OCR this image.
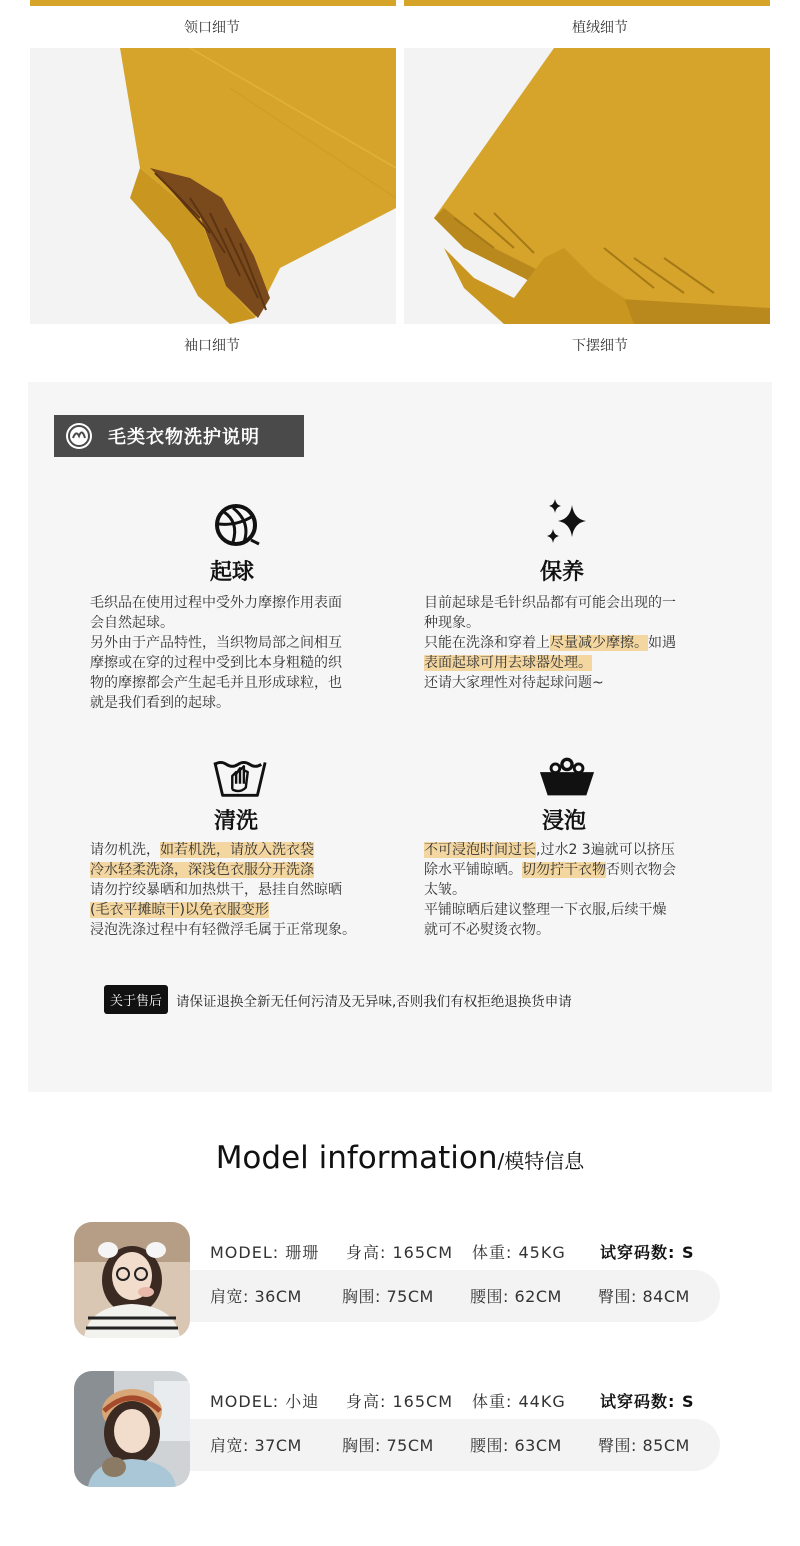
领口细节	植绒细节
袖口细节	下摆细节
毛类衣物洗护说明
起球
毛织品在使用过程中受外力摩擦作用表面
会自然起球。
另外由于产品特性，当织物局部之间相互
摩擦或在穿的过程中受到比本身粗糙的织
物的摩擦都会产生起毛并且形成球粒，也
就是我们看到的起球。
保养
目前起球是毛针织品都有可能会出现的一
种现象。
只能在洗涤和穿着上尽量减少摩擦。如遇
表面起球可用去球器处理。
还请大家理性对待起球问题~
清洗
请勿机洗，如若机洗，请放入洗衣袋
冷水轻柔洗涤，深浅色衣服分开洗涤
请勿拧绞暴晒和加热烘干，悬挂自然晾晒
(毛衣平摊晾干)以免衣服变形
浸泡洗涤过程中有轻微浮毛属于正常现象。
浸泡
不可浸泡时间过长,过水2 3遍就可以挤压
除水平铺晾晒。切勿拧干衣物否则衣物会
太皱。
平铺晾晒后建议整理一下衣服,后续干燥
就可不必熨烫衣物。
关于售后	请保证退换全新无任何污清及无异味,否则我们有权拒绝退换货申请
Model information/模特信息
MODEL: 珊珊 身高: 165CM 体重: 45KG 试穿码数: S
肩宽: 36CM	胸围: 75CM 腰围: 62CM 臀围: 84CM
MODEL: 小迪 身高: 165CM 体重: 44KG 试穿码数: S
肩宽: 37CM	胸围: 75CM 腰围: 63CM 臀围: 85CM
